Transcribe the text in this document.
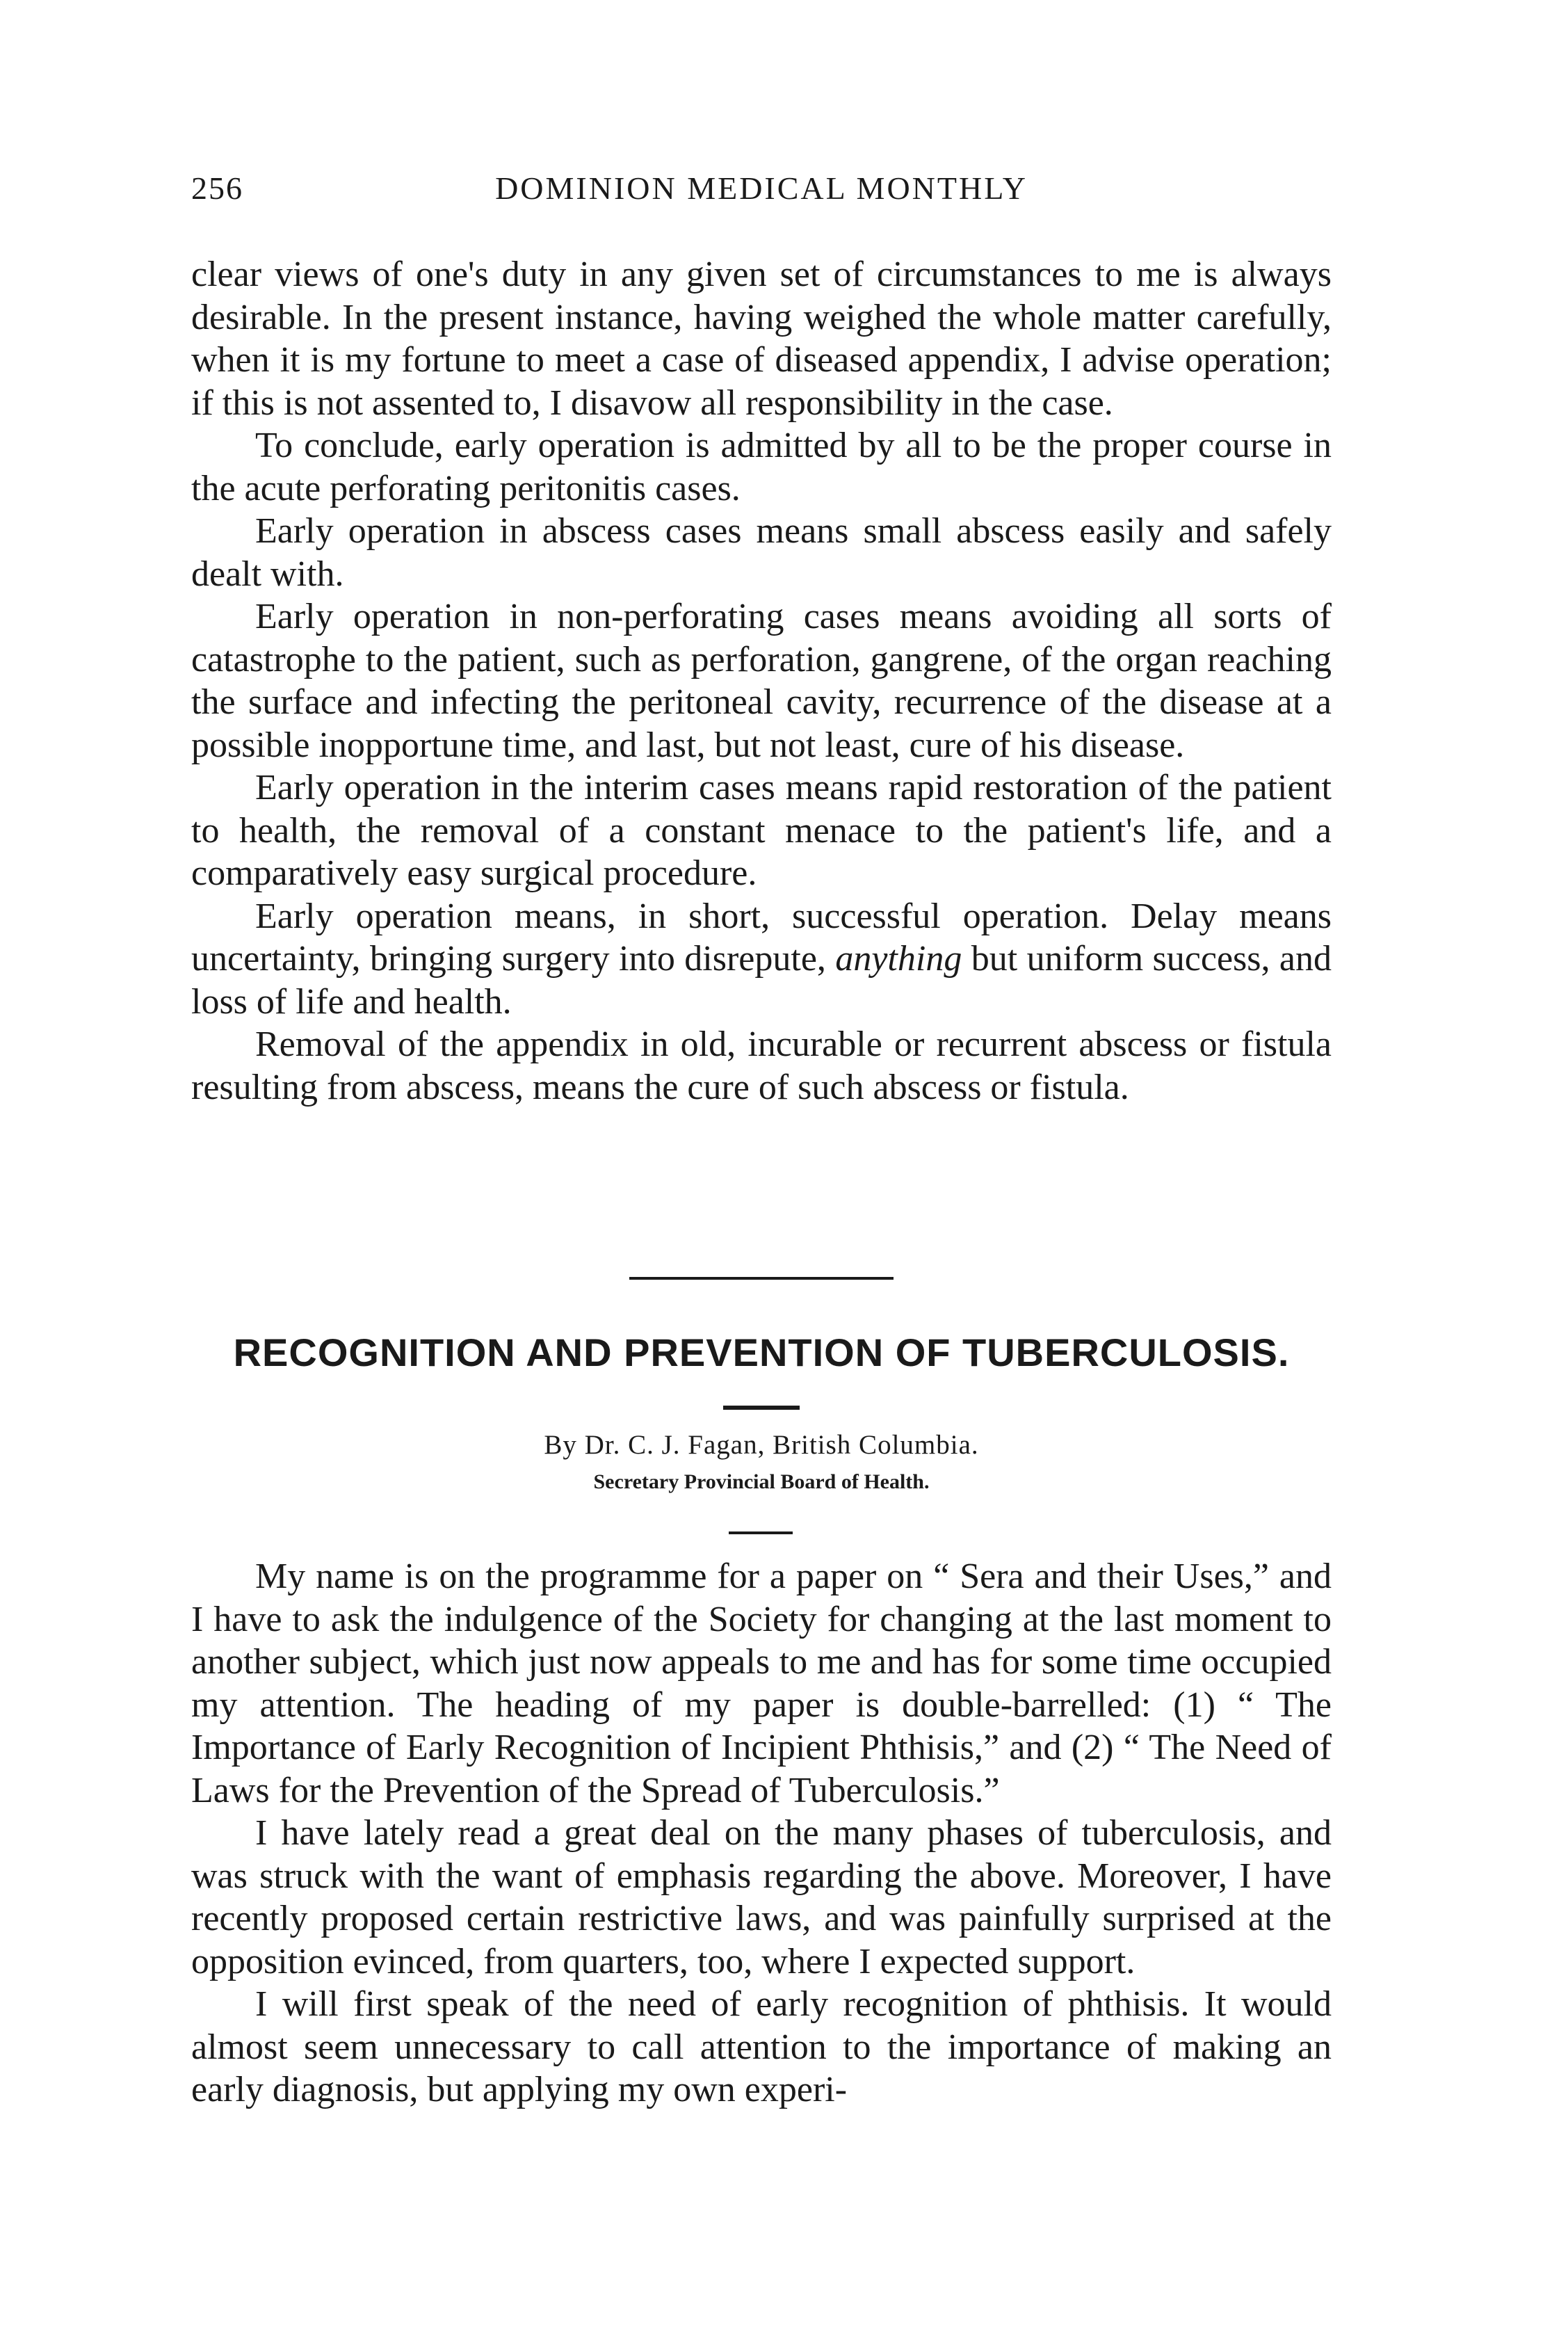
256	DOMINION MEDICAL MONTHLY

clear views of one's duty in any given set of circumstances to me is always desirable. In the present instance, having weighed the whole matter carefully, when it is my fortune to meet a case of diseased appendix, I advise operation; if this is not assented to, I disavow all responsibility in the case.

To conclude, early operation is admitted by all to be the proper course in the acute perforating peritonitis cases.

Early operation in abscess cases means small abscess easily and safely dealt with.

Early operation in non-perforating cases means avoiding all sorts of catastrophe to the patient, such as perforation, gangrene, of the organ reaching the surface and infecting the peritoneal cavity, recurrence of the disease at a possible inopportune time, and last, but not least, cure of his disease.

Early operation in the interim cases means rapid restoration of the patient to health, the removal of a constant menace to the patient's life, and a comparatively easy surgical procedure.

Early operation means, in short, successful operation. Delay means uncertainty, bringing surgery into disrepute, anything but uniform success, and loss of life and health.

Removal of the appendix in old, incurable or recurrent abscess or fistula resulting from abscess, means the cure of such abscess or fistula.

RECOGNITION AND PREVENTION OF TUBERCULOSIS.
By Dr. C. J. Fagan, British Columbia.
Secretary Provincial Board of Health.

My name is on the programme for a paper on “ Sera and their Uses,” and I have to ask the indulgence of the Society for changing at the last moment to another subject, which just now appeals to me and has for some time occupied my attention. The heading of my paper is double-barrelled: (1) “ The Importance of Early Recognition of Incipient Phthisis,” and (2) “ The Need of Laws for the Prevention of the Spread of Tuberculosis.”

I have lately read a great deal on the many phases of tuberculosis, and was struck with the want of emphasis regarding the above. Moreover, I have recently proposed certain restrictive laws, and was painfully surprised at the opposition evinced, from quarters, too, where I expected support.

I will first speak of the need of early recognition of phthisis. It would almost seem unnecessary to call attention to the importance of making an early diagnosis, but applying my own experi-
